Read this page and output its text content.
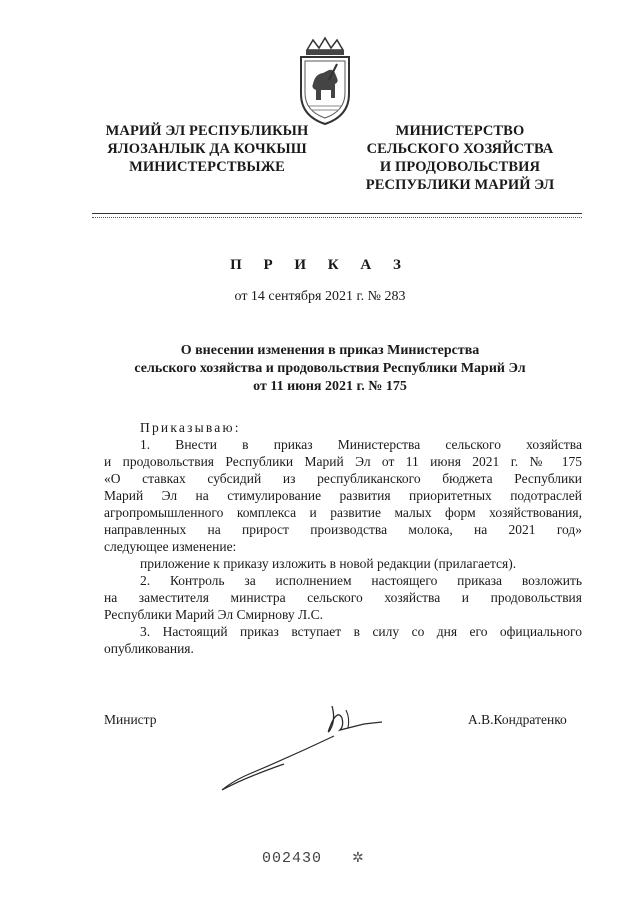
МАРИЙ ЭЛ РЕСПУБЛИКЫН
ЯЛОЗАНЛЫК ДА КОЧКЫШ
МИНИСТЕРСТВЫЖЕ
МИНИСТЕРСТВО
СЕЛЬСКОГО ХОЗЯЙСТВА
И ПРОДОВОЛЬСТВИЯ
РЕСПУБЛИКИ МАРИЙ ЭЛ
П Р И К А З
от 14 сентября 2021 г. № 283
О внесении изменения в приказ Министерства
сельского хозяйства и продовольствия Республики Марий Эл
от 11 июня 2021 г. № 175
Приказываю:
1. Внести в приказ Министерства сельского хозяйства
и продовольствия Республики Марий Эл от 11 июня 2021 г. № 175
«О ставках субсидий из республиканского бюджета Республики
Марий Эл на стимулирование развития приоритетных подотраслей
агропромышленного комплекса и развитие малых форм хозяйствования,
направленных на прирост производства молока, на 2021 год»
следующее изменение:
приложение к приказу изложить в новой редакции (прилагается).
2. Контроль за исполнением настоящего приказа возложить
на заместителя министра сельского хозяйства и продовольствия
Республики Марий Эл Смирнову Л.С.
3. Настоящий приказ вступает в силу со дня его официального
опубликования.
Министр	А.В.Кондратенко
002430 ✲
